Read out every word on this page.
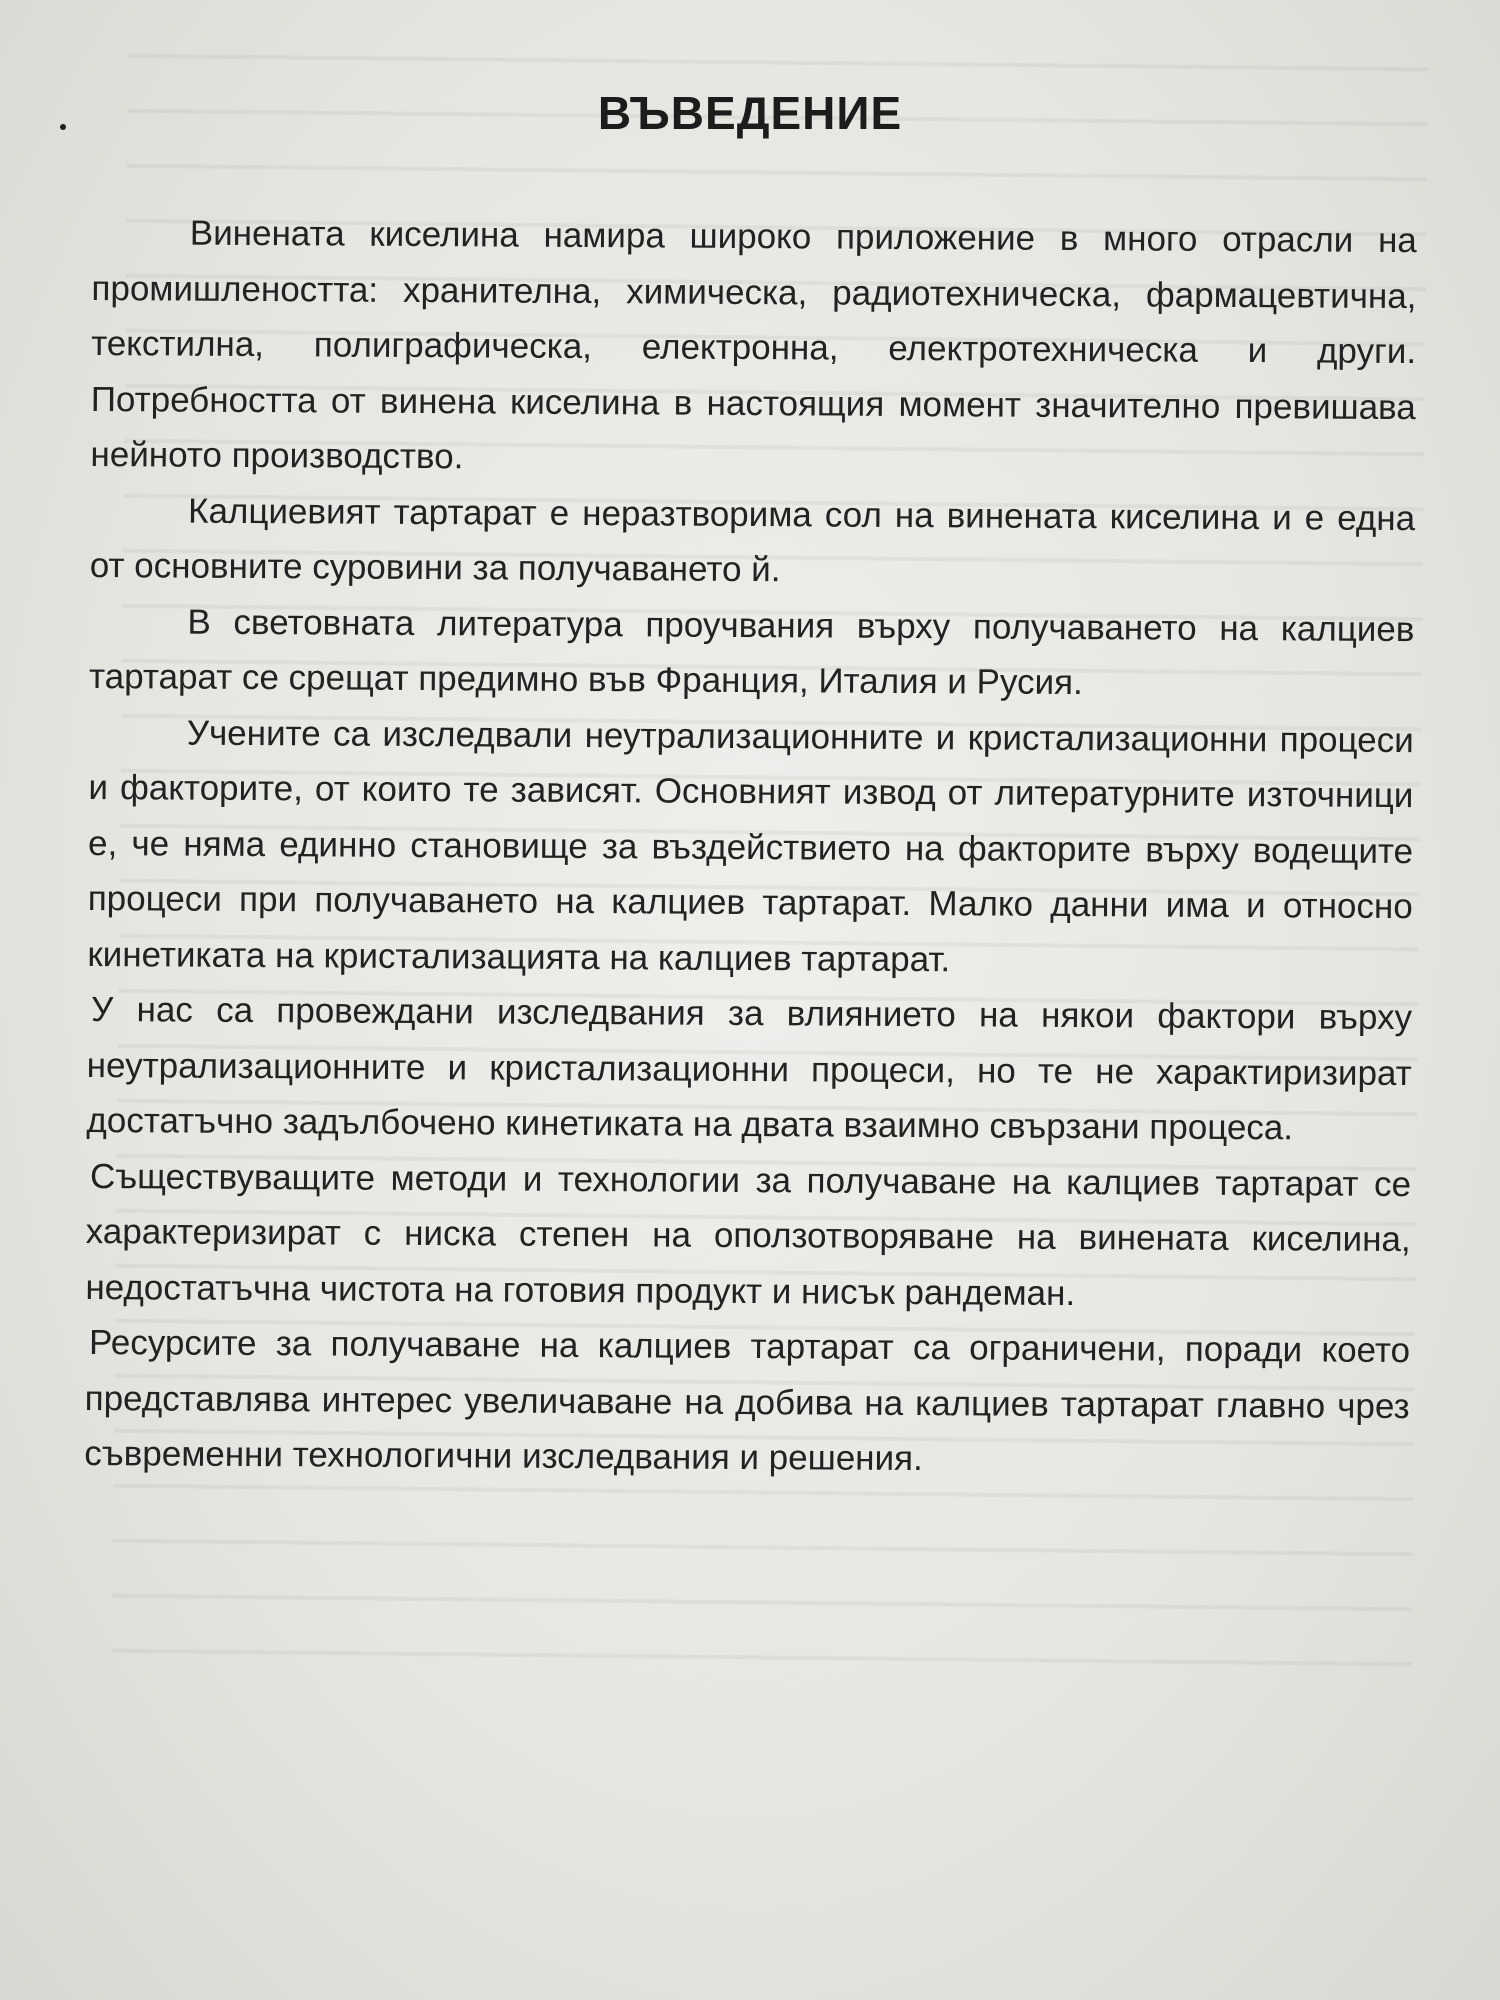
ВЪВЕДЕНИЕ

Винената киселина намира широко приложение в много отрасли на промишлеността: хранителна, химическа, радиотехническа, фармацевтична, текстилна, полиграфическа, електронна, електротехническа и други. Потребността от винена киселина в настоящия момент значително превишава нейното производство.

Калциевият тартарат е неразтворима сол на винената киселина и е една от основните суровини за получаването й.

В световната литература проучвания върху получаването на калциев тартарат се срещат предимно във Франция, Италия и Русия.

Учените са изследвали неутрализационните и кристализационни процеси и факторите, от които те зависят. Основният извод от литературните източници е, че няма единно становище за въздействието на факторите върху водещите процеси при получаването на калциев тартарат. Малко данни има и относно кинетиката на кристализацията на калциев тартарат.

У нас са провеждани изследвания за влиянието на някои фактори върху неутрализационните и кристализационни процеси, но те не характиризират достатъчно задълбочено кинетиката на двата взаимно свързани процеса.

Съществуващите методи и технологии за получаване на калциев тартарат се характеризират с ниска степен на оползотворяване на винената киселина, недостатъчна чистота на готовия продукт и нисък рандеман.

Ресурсите за получаване на калциев тартарат са ограничени, поради което представлява интерес увеличаване на добива на калциев тартарат главно чрез съвременни технологични изследвания и решения.
